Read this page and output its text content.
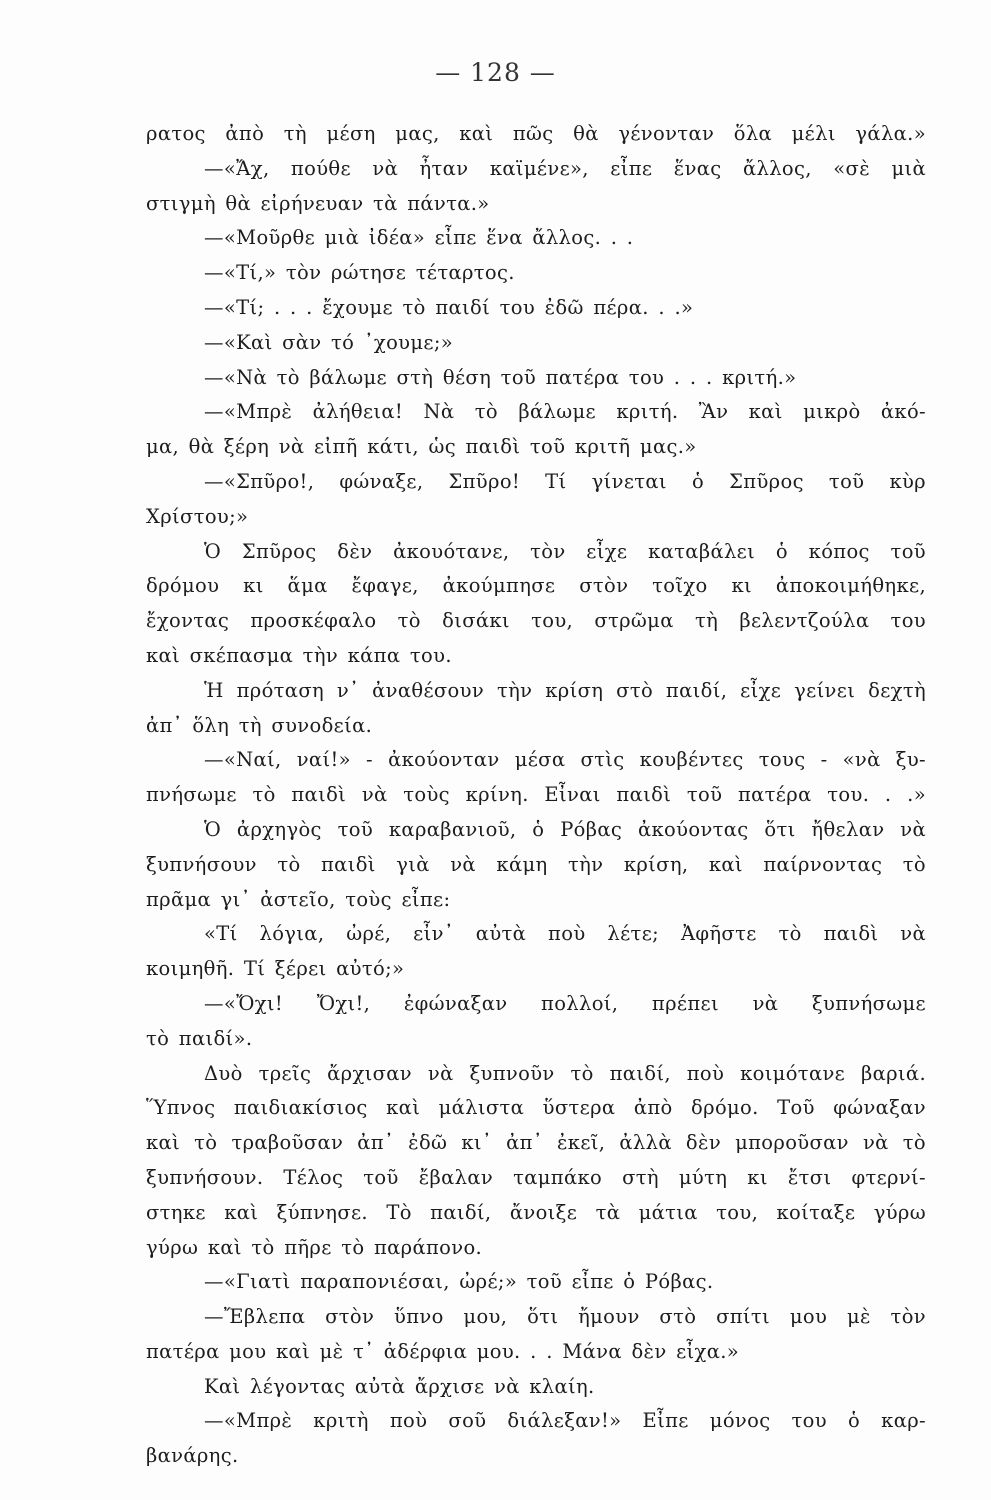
— 128 —
ρατος ἀπὸ τὴ μέση μας, καὶ πῶς θὰ γένονταν ὅλα μέλι γάλα.»
—«Ἄχ, πούθε νὰ ἦταν καϊμένε», εἶπε ἕνας ἄλλος, «σὲ μιὰ
στιγμὴ θὰ εἰρήνευαν τὰ πάντα.»
—«Μοῦρθε μιὰ ἰδέα» εἶπε ἕνα ἄλλος. . .
—«Τί,» τὸν ρώτησε τέταρτος.
—«Τί; . . . ἔχουμε τὸ παιδί του ἐδῶ πέρα. . .»
—«Καὶ σὰν τό ᾽χουμε;»
—«Νὰ τὸ βάλωμε στὴ θέση τοῦ πατέρα του . . . κριτή.»
—«Μπρὲ ἀλήθεια! Νὰ τὸ βάλωμε κριτή. Ἂν καὶ μικρὸ ἀκό-
μα, θὰ ξέρη νὰ εἰπῆ κάτι, ὡς παιδὶ τοῦ κριτῆ μας.»
—«Σπῦρο!, φώναξε, Σπῦρο! Τί γίνεται ὁ Σπῦρος τοῦ κὺρ
Χρίστου;»
Ὁ Σπῦρος δὲν ἀκουότανε, τὸν εἶχε καταβάλει ὁ κόπος τοῦ
δρόμου κι ἅμα ἔφαγε, ἀκούμπησε στὸν τοῖχο κι ἀποκοιμήθηκε,
ἔχοντας προσκέφαλο τὸ δισάκι του, στρῶμα τὴ βελεντζούλα του
καὶ σκέπασμα τὴν κάπα του.
Ἡ πρόταση ν᾽ ἀναθέσουν τὴν κρίση στὸ παιδί, εἶχε γείνει δεχτὴ
ἀπ᾽ ὅλη τὴ συνοδεία.
—«Ναί, ναί!» - ἀκούονταν μέσα στὶς κουβέντες τους - «νὰ ξυ-
πνήσωμε τὸ παιδὶ νὰ τοὺς κρίνη. Εἶναι παιδὶ τοῦ πατέρα του. . .»
Ὁ ἀρχηγὸς τοῦ καραβανιοῦ, ὁ Ρόβας ἀκούοντας ὅτι ἤθελαν νὰ
ξυπνήσουν τὸ παιδὶ γιὰ νὰ κάμη τὴν κρίση, καὶ παίρνοντας τὸ
πρᾶμα γι᾽ ἀστεῖο, τοὺς εἶπε:
«Τί λόγια, ὠρέ, εἶν᾽ αὐτὰ ποὺ λέτε; Ἀφῆστε τὸ παιδὶ νὰ
κοιμηθῆ. Τί ξέρει αὐτό;»
—«Ὄχι! Ὄχι!, ἐφώναξαν πολλοί, πρέπει νὰ ξυπνήσωμε
τὸ παιδί».
Δυὸ τρεῖς ἄρχισαν νὰ ξυπνοῦν τὸ παιδί, ποὺ κοιμότανε βαριά.
Ὕπνος παιδιακίσιος καὶ μάλιστα ὕστερα ἀπὸ δρόμο. Τοῦ φώναξαν
καὶ τὸ τραβοῦσαν ἀπ᾽ ἐδῶ κι᾽ ἀπ᾽ ἐκεῖ, ἀλλὰ δὲν μποροῦσαν νὰ τὸ
ξυπνήσουν. Τέλος τοῦ ἔβαλαν ταμπάκο στὴ μύτη κι ἔτσι φτερνί-
στηκε καὶ ξύπνησε. Τὸ παιδί, ἄνοιξε τὰ μάτια του, κοίταξε γύρω
γύρω καὶ τὸ πῆρε τὸ παράπονο.
—«Γιατὶ παραπονιέσαι, ὠρέ;» τοῦ εἶπε ὁ Ρόβας.
—Ἔβλεπα στὸν ὕπνο μου, ὅτι ἤμουν στὸ σπίτι μου μὲ τὸν
πατέρα μου καὶ μὲ τ᾽ ἀδέρφια μου. . . Μάνα δὲν εἶχα.»
Καὶ λέγοντας αὐτὰ ἄρχισε νὰ κλαίη.
—«Μπρὲ κριτὴ ποὺ σοῦ διάλεξαν!» Εἶπε μόνος του ὁ καρ-
βανάρης.
